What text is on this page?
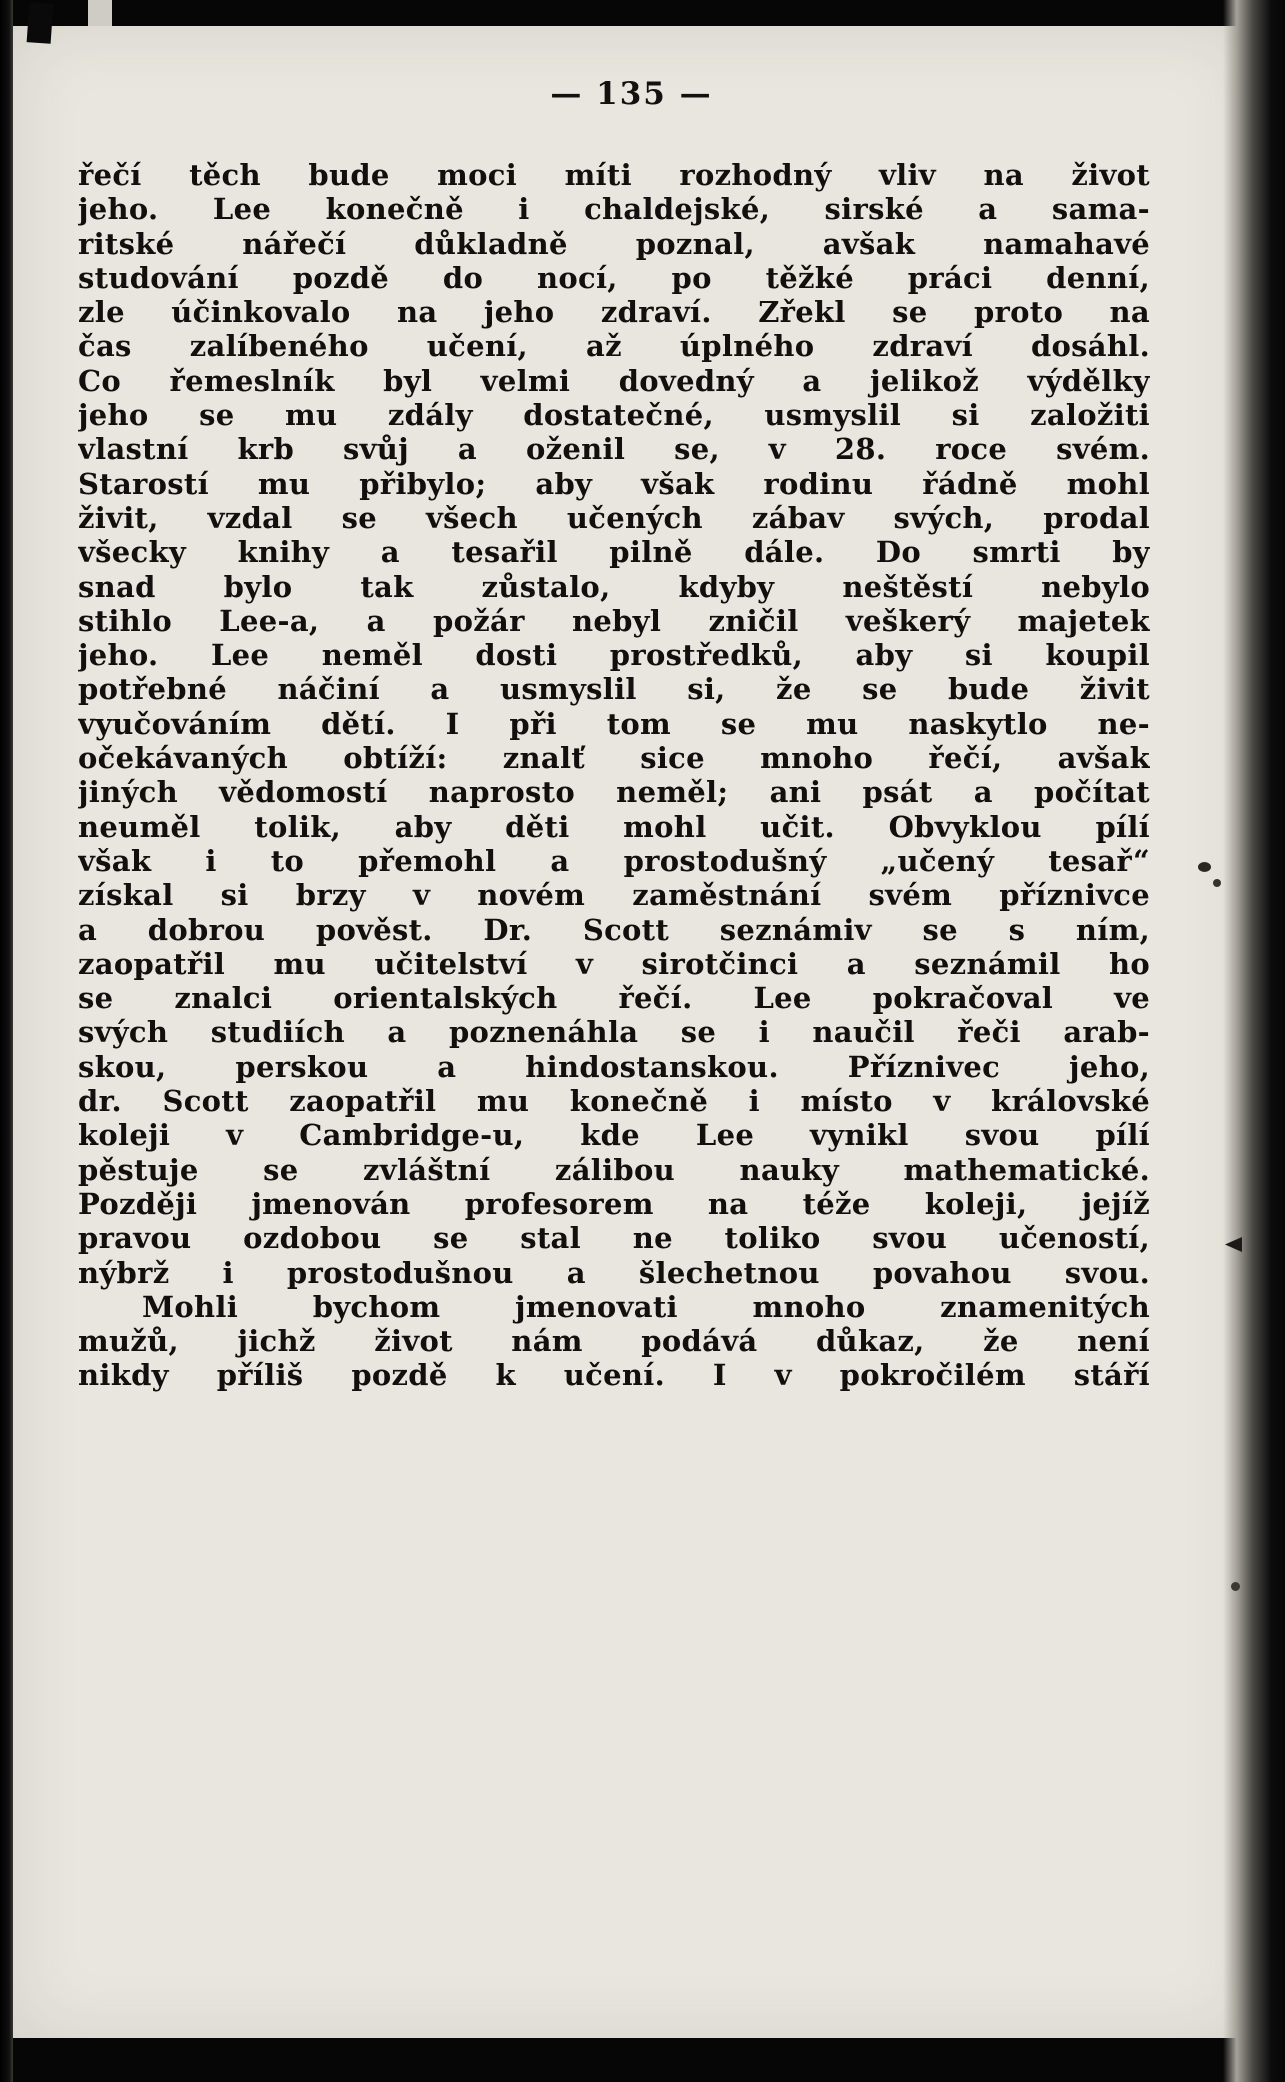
— 135 —
řečí těch bude moci míti rozhodný vliv na život
jeho. Lee konečně i chaldejské, sirské a sama-
ritské nářečí důkladně poznal, avšak namahavé
studování pozdě do nocí, po těžké práci denní,
zle účinkovalo na jeho zdraví. Zřekl se proto na
čas zalíbeného učení, až úplného zdraví dosáhl.
Co řemeslník byl velmi dovedný a jelikož výdělky
jeho se mu zdály dostatečné, usmyslil si založiti
vlastní krb svůj a oženil se, v 28. roce svém.
Starostí mu přibylo; aby však rodinu řádně mohl
živit, vzdal se všech učených zábav svých, prodal
všecky knihy a tesařil pilně dále. Do smrti by
snad bylo tak zůstalo, kdyby neštěstí nebylo
stihlo Lee-a, a požár nebyl zničil veškerý majetek
jeho. Lee neměl dosti prostředků, aby si koupil
potřebné náčiní a usmyslil si, že se bude živit
vyučováním dětí. I při tom se mu naskytlo ne-
očekávaných obtíží: znalť sice mnoho řečí, avšak
jiných vědomostí naprosto neměl; ani psát a počítat
neuměl tolik, aby děti mohl učit. Obvyklou pílí
však i to přemohl a prostodušný „učený tesař“
získal si brzy v novém zaměstnání svém příznivce
a dobrou pověst. Dr. Scott seznámiv se s ním,
zaopatřil mu učitelství v sirotčinci a seznámil ho
se znalci orientalských řečí. Lee pokračoval ve
svých studiích a poznenáhla se i naučil řeči arab-
skou, perskou a hindostanskou. Příznivec jeho,
dr. Scott zaopatřil mu konečně i místo v královské
koleji v Cambridge-u, kde Lee vynikl svou pílí
pěstuje se zvláštní zálibou nauky mathematické.
Později jmenován profesorem na téže koleji, jejíž
pravou ozdobou se stal ne toliko svou učeností,
nýbrž i prostodušnou a šlechetnou povahou svou.
Mohli bychom jmenovati mnoho znamenitých
mužů, jichž život nám podává důkaz, že není
nikdy příliš pozdě k učení. I v pokročilém stáří
